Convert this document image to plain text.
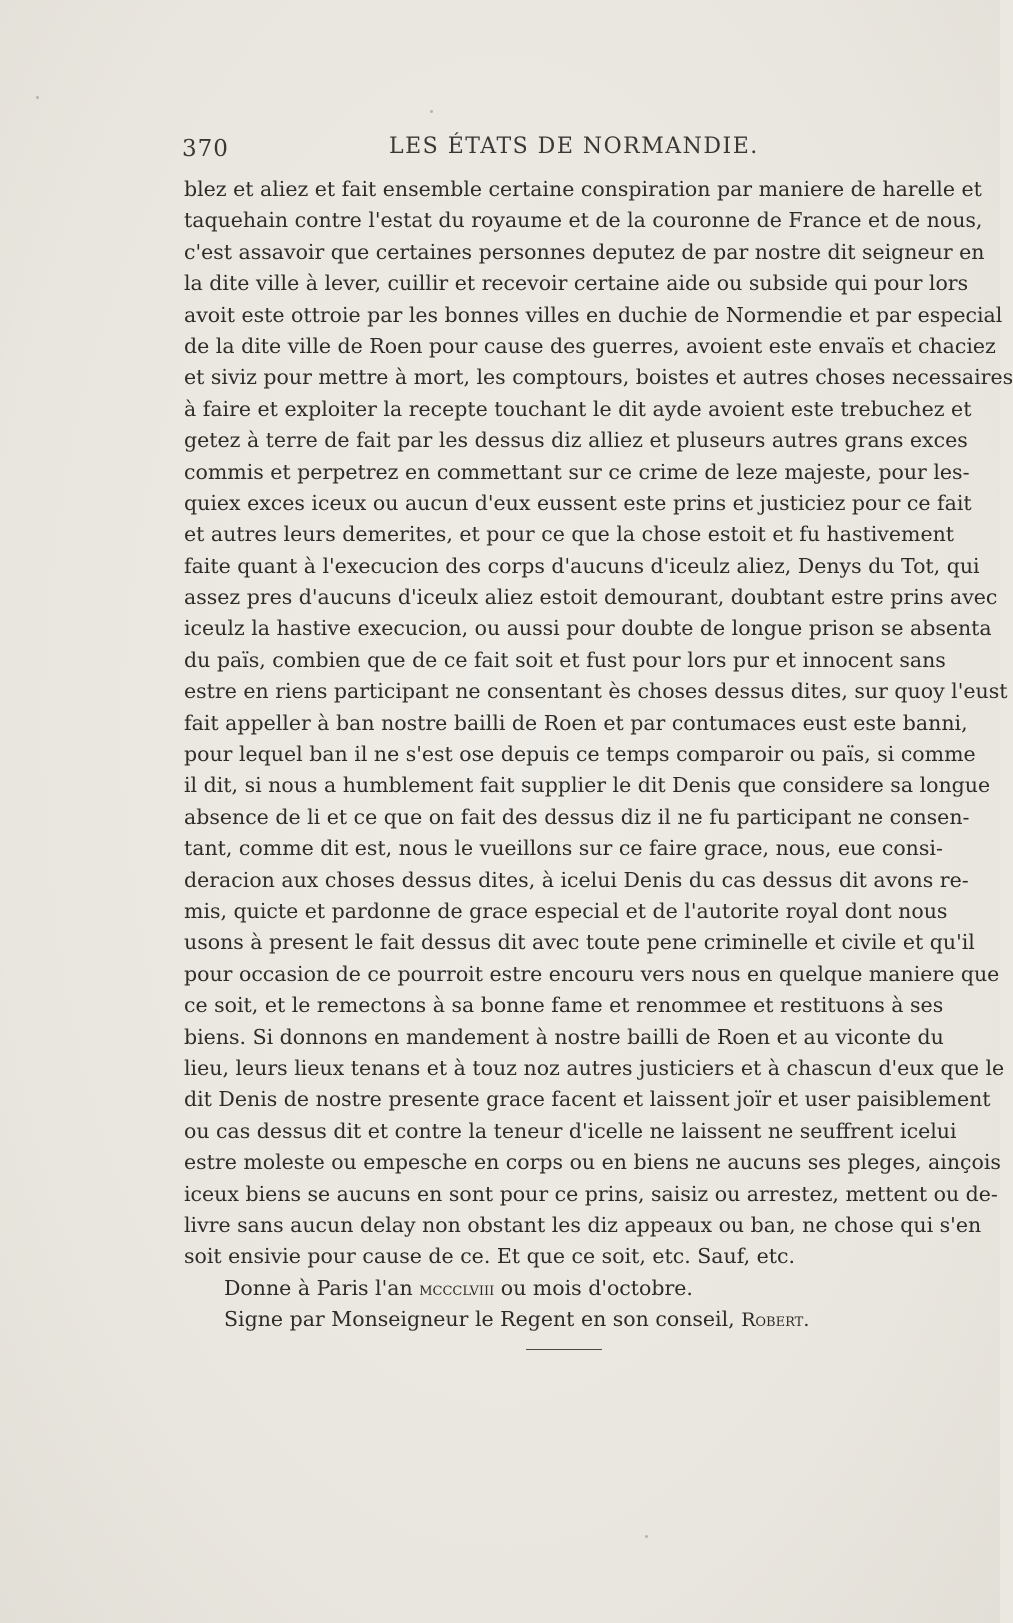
370	LES ÉTATS DE NORMANDIE.
blez et aliez et fait ensemble certaine conspiration par maniere de harelle et
taquehain contre l'estat du royaume et de la couronne de France et de nous,
c'est assavoir que certaines personnes deputez de par nostre dit seigneur en
la dite ville à lever, cuillir et recevoir certaine aide ou subside qui pour lors
avoit este ottroie par les bonnes villes en duchie de Normendie et par especial
de la dite ville de Roen pour cause des guerres, avoient este envaïs et chaciez
et siviz pour mettre à mort, les comptours, boistes et autres choses necessaires
à faire et exploiter la recepte touchant le dit ayde avoient este trebuchez et
getez à terre de fait par les dessus diz alliez et pluseurs autres grans exces
commis et perpetrez en commettant sur ce crime de leze majeste, pour les-
quiex exces iceux ou aucun d'eux eussent este prins et justiciez pour ce fait
et autres leurs demerites, et pour ce que la chose estoit et fu hastivement
faite quant à l'execucion des corps d'aucuns d'iceulz aliez, Denys du Tot, qui
assez pres d'aucuns d'iceulx aliez estoit demourant, doubtant estre prins avec
iceulz la hastive execucion, ou aussi pour doubte de longue prison se absenta
du païs, combien que de ce fait soit et fust pour lors pur et innocent sans
estre en riens participant ne consentant ès choses dessus dites, sur quoy l'eust
fait appeller à ban nostre bailli de Roen et par contumaces eust este banni,
pour lequel ban il ne s'est ose depuis ce temps comparoir ou païs, si comme
il dit, si nous a humblement fait supplier le dit Denis que considere sa longue
absence de li et ce que on fait des dessus diz il ne fu participant ne consen-
tant, comme dit est, nous le vueillons sur ce faire grace, nous, eue consi-
deracion aux choses dessus dites, à icelui Denis du cas dessus dit avons re-
mis, quicte et pardonne de grace especial et de l'autorite royal dont nous
usons à present le fait dessus dit avec toute pene criminelle et civile et qu'il
pour occasion de ce pourroit estre encouru vers nous en quelque maniere que
ce soit, et le remectons à sa bonne fame et renommee et restituons à ses
biens. Si donnons en mandement à nostre bailli de Roen et au viconte du
lieu, leurs lieux tenans et à touz noz autres justiciers et à chascun d'eux que le
dit Denis de nostre presente grace facent et laissent joïr et user paisiblement
ou cas dessus dit et contre la teneur d'icelle ne laissent ne seuffrent icelui
estre moleste ou empesche en corps ou en biens ne aucuns ses pleges, ainçois
iceux biens se aucuns en sont pour ce prins, saisiz ou arrestez, mettent ou de-
livre sans aucun delay non obstant les diz appeaux ou ban, ne chose qui s'en
soit ensivie pour cause de ce. Et que ce soit, etc. Sauf, etc.
Donne à Paris l'an mccclviii ou mois d'octobre.
Signe par Monseigneur le Regent en son conseil, Robert.
